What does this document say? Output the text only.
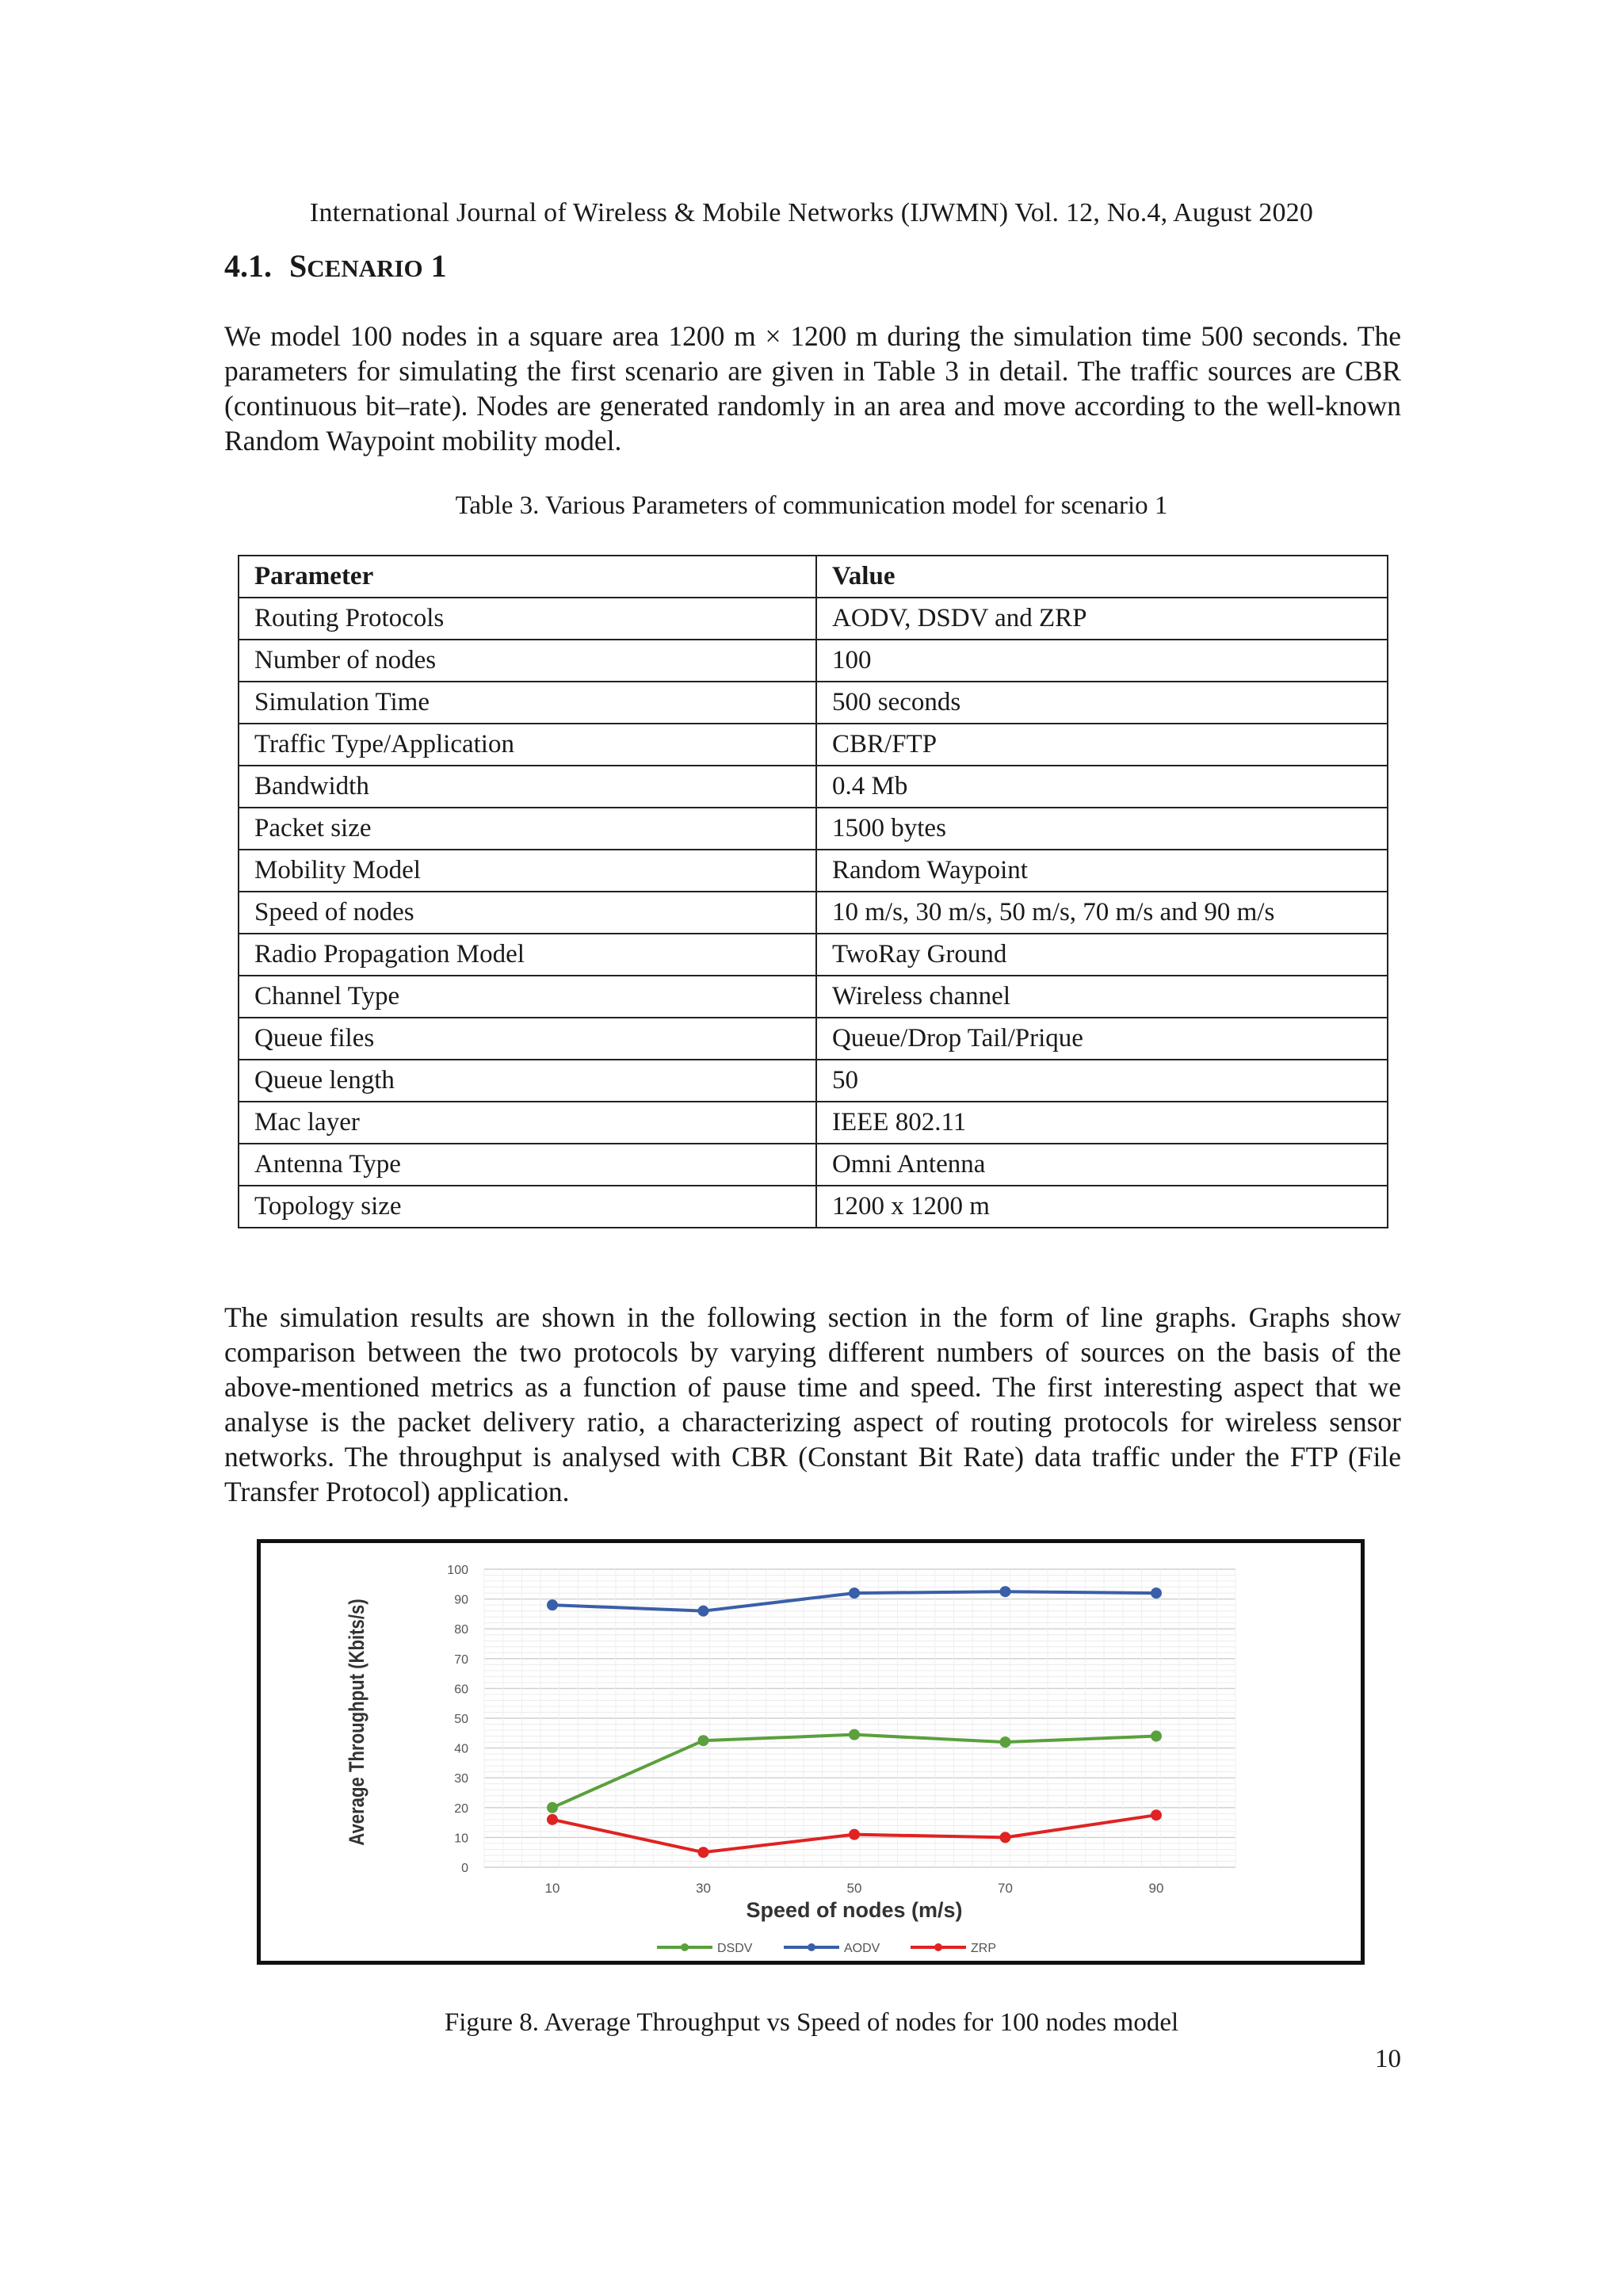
International Journal of Wireless & Mobile Networks (IJWMN) Vol. 12, No.4, August 2020
4.1. SCENARIO 1

We model 100 nodes in a square area 1200 m × 1200 m during the simulation time 500 seconds. The parameters for simulating the first scenario are given in Table 3 in detail. The traffic sources are CBR (continuous bit–rate). Nodes are generated randomly in an area and move according to the well-known Random Waypoint mobility model.

Table 3. Various Parameters of communication model for scenario 1
Parameter	Value
Routing Protocols	AODV, DSDV and ZRP
Number of nodes	100
Simulation Time	500 seconds
Traffic Type/Application	CBR/FTP
Bandwidth	0.4 Mb
Packet size	1500 bytes
Mobility Model	Random Waypoint
Speed of nodes	10 m/s, 30 m/s, 50 m/s, 70 m/s and 90 m/s
Radio Propagation Model	TwoRay Ground
Channel Type	Wireless channel
Queue files	Queue/Drop Tail/Prique
Queue length	50
Mac layer	IEEE 802.11
Antenna Type	Omni Antenna
Topology size	1200 x 1200 m

The simulation results are shown in the following section in the form of line graphs. Graphs show comparison between the two protocols by varying different numbers of sources on the basis of the above-mentioned metrics as a function of pause time and speed. The first interesting aspect that we analyse is the packet delivery ratio, a characterizing aspect of routing protocols for wireless sensor networks. The throughput is analysed with CBR (Constant Bit Rate) data traffic under the FTP (File Transfer Protocol) application.

0
10
20
30
40
50
60
70
80
90
100
10	30	50	70	90
Average Throughput (Kbits/s)
Speed of nodes (m/s)
DSDV	AODV	ZRP
Figure 8. Average Throughput vs Speed of nodes for 100 nodes model
10
